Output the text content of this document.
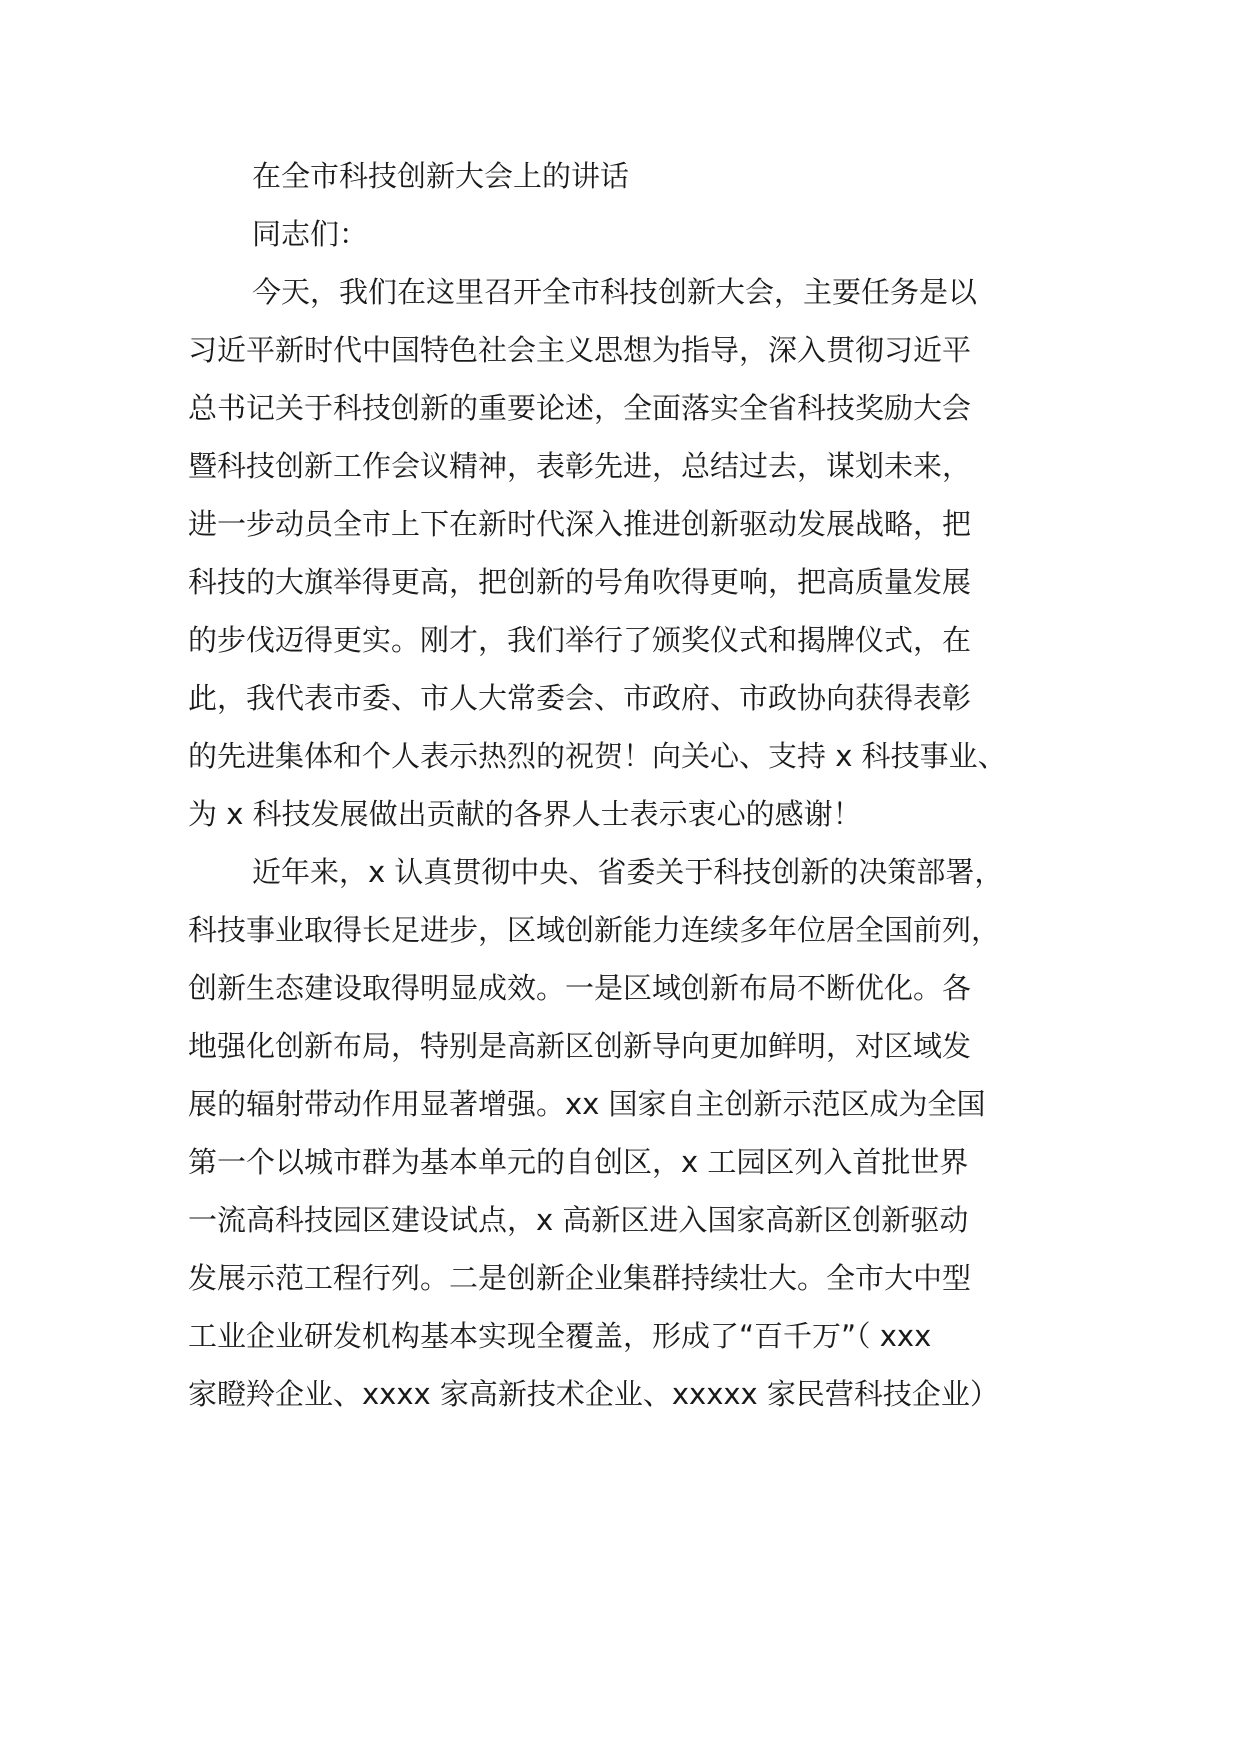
在全市科技创新大会上的讲话
同志们：
今天，我们在这里召开全市科技创新大会，主要任务是以
习近平新时代中国特色社会主义思想为指导，深入贯彻习近平
总书记关于科技创新的重要论述，全面落实全省科技奖励大会
暨科技创新工作会议精神，表彰先进，总结过去，谋划未来，
进一步动员全市上下在新时代深入推进创新驱动发展战略，把
科技的大旗举得更高，把创新的号角吹得更响，把高质量发展
的步伐迈得更实。刚才，我们举行了颁奖仪式和揭牌仪式，在
此，我代表市委、市人大常委会、市政府、市政协向获得表彰
的先进集体和个人表示热烈的祝贺！向关心、支持 x 科技事业、
为 x 科技发展做出贡献的各界人士表示衷心的感谢！
近年来，x 认真贯彻中央、省委关于科技创新的决策部署，
科技事业取得长足进步，区域创新能力连续多年位居全国前列，
创新生态建设取得明显成效。一是区域创新布局不断优化。各
地强化创新布局，特别是高新区创新导向更加鲜明，对区域发
展的辐射带动作用显著增强。xx 国家自主创新示范区成为全国
第一个以城市群为基本单元的自创区，x 工园区列入首批世界
一流高科技园区建设试点，x 高新区进入国家高新区创新驱动
发展示范工程行列。二是创新企业集群持续壮大。全市大中型
工业企业研发机构基本实现全覆盖，形成了“百千万”（ xxx
家瞪羚企业、xxxx 家高新技术企业、xxxxx 家民营科技企业）
